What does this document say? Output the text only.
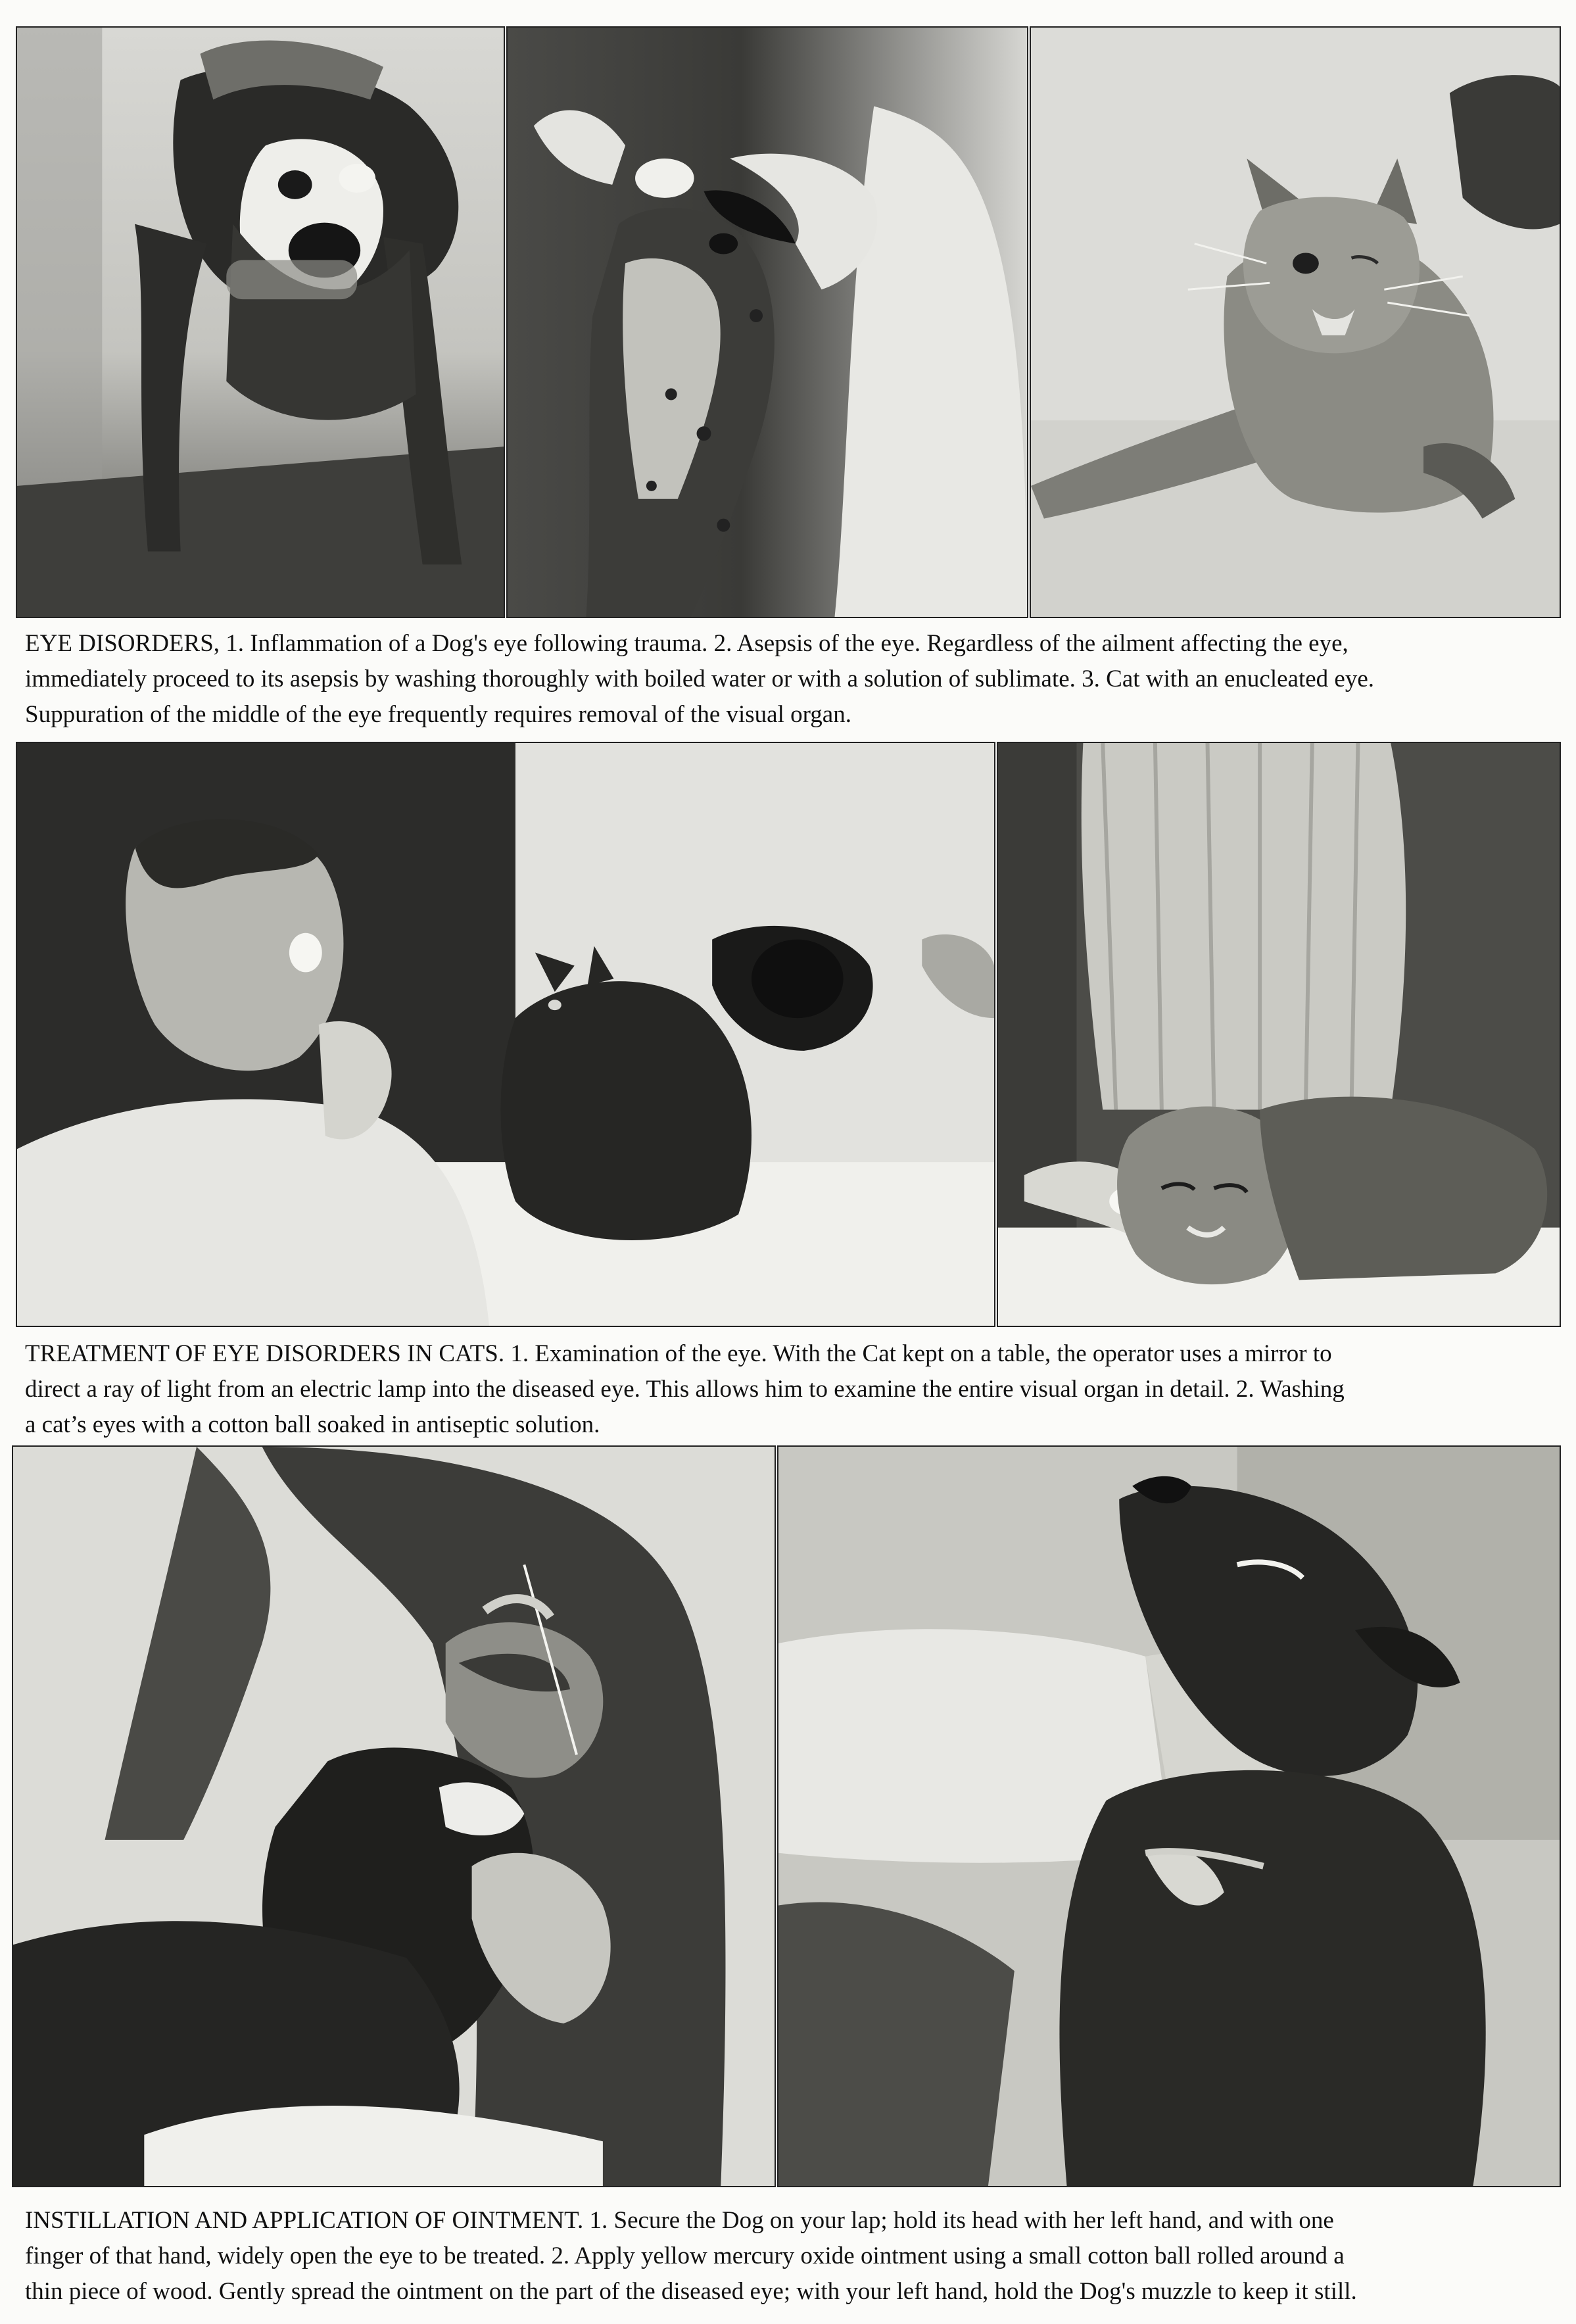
EYE DISORDERS, 1. Inflammation of a Dog's eye following trauma. 2. Asepsis of the eye. Regardless of the ailment affecting the eye,
immediately proceed to its asepsis by washing thoroughly with boiled water or with a solution of sublimate. 3. Cat with an enucleated eye.
Suppuration of the middle of the eye frequently requires removal of the visual organ.
TREATMENT OF EYE DISORDERS IN CATS. 1. Examination of the eye. With the Cat kept on a table, the operator uses a mirror to
direct a ray of light from an electric lamp into the diseased eye. This allows him to examine the entire visual organ in detail. 2. Washing
a cat’s eyes with a cotton ball soaked in antiseptic solution.
INSTILLATION AND APPLICATION OF OINTMENT. 1. Secure the Dog on your lap; hold its head with her left hand, and with one
finger of that hand, widely open the eye to be treated. 2. Apply yellow mercury oxide ointment using a small cotton ball rolled around a
thin piece of wood. Gently spread the ointment on the part of the diseased eye; with your left hand, hold the Dog's muzzle to keep it still.
